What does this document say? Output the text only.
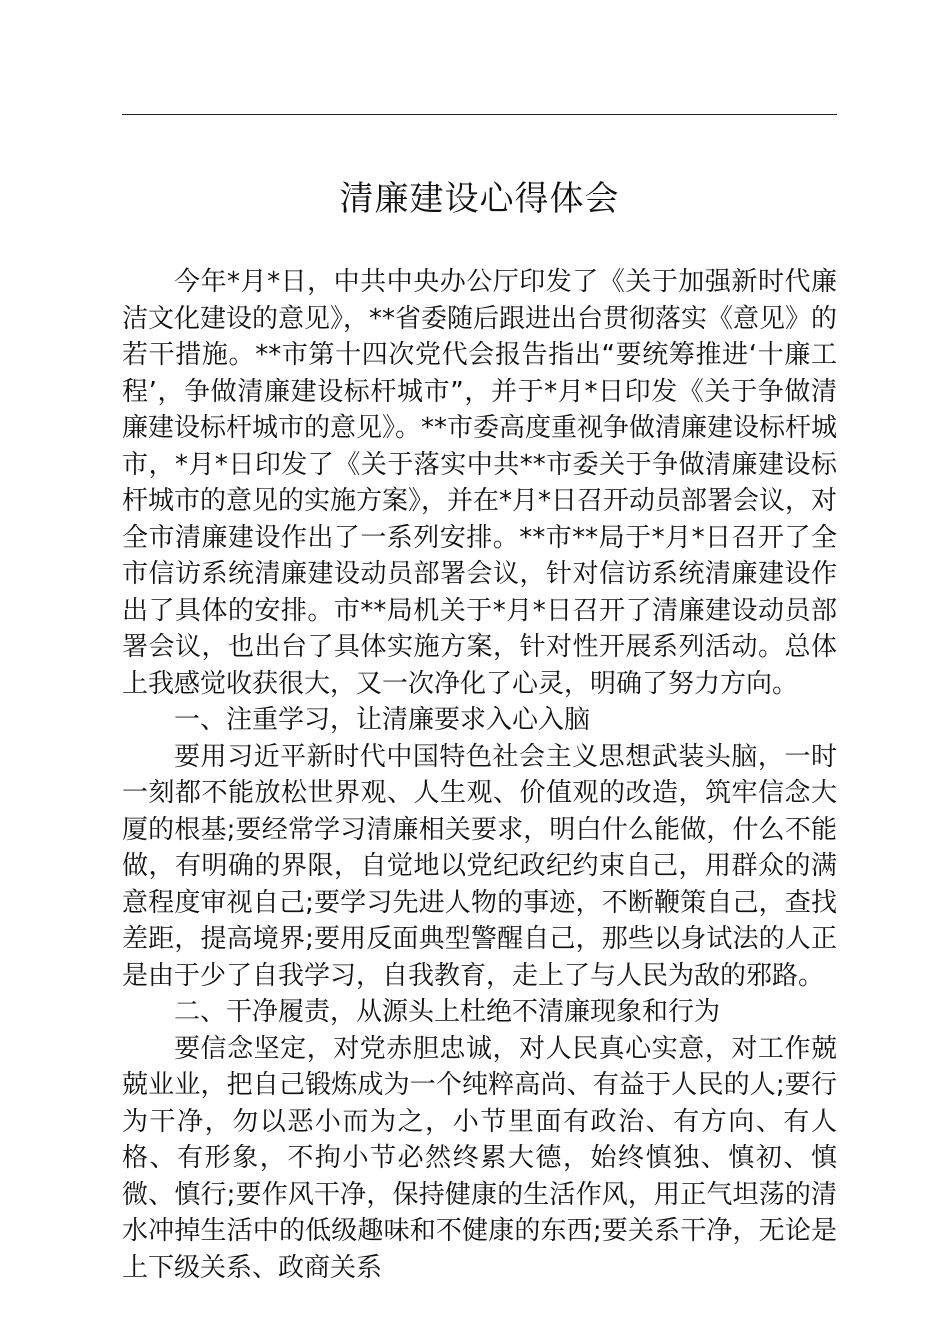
清廉建设心得体会

今年*月*日，中共中央办公厅印发了《关于加强新时代廉洁文化建设的意见》，**省委随后跟进出台贯彻落实《意见》的若干措施。**市第十四次党代会报告指出“要统筹推进‘十廉工程’，争做清廉建设标杆城市”，并于*月*日印发《关于争做清廉建设标杆城市的意见》。**市委高度重视争做清廉建设标杆城市，*月*日印发了《关于落实中共**市委关于争做清廉建设标杆城市的意见的实施方案》，并在*月*日召开动员部署会议，对全市清廉建设作出了一系列安排。**市**局于*月*日召开了全市信访系统清廉建设动员部署会议，针对信访系统清廉建设作出了具体的安排。市**局机关于*月*日召开了清廉建设动员部署会议，也出台了具体实施方案，针对性开展系列活动。总体上我感觉收获很大，又一次净化了心灵，明确了努力方向。

一、注重学习，让清廉要求入心入脑

要用习近平新时代中国特色社会主义思想武装头脑，一时一刻都不能放松世界观、人生观、价值观的改造，筑牢信念大厦的根基;要经常学习清廉相关要求，明白什么能做，什么不能做，有明确的界限，自觉地以党纪政纪约束自己，用群众的满意程度审视自己;要学习先进人物的事迹，不断鞭策自己，查找差距，提高境界;要用反面典型警醒自己，那些以身试法的人正是由于少了自我学习，自我教育，走上了与人民为敌的邪路。

二、干净履责，从源头上杜绝不清廉现象和行为

要信念坚定，对党赤胆忠诚，对人民真心实意，对工作兢兢业业，把自己锻炼成为一个纯粹高尚、有益于人民的人;要行为干净，勿以恶小而为之，小节里面有政治、有方向、有人格、有形象，不拘小节必然终累大德，始终慎独、慎初、慎微、慎行;要作风干净，保持健康的生活作风，用正气坦荡的清水冲掉生活中的低级趣味和不健康的东西;要关系干净，无论是上下级关系、政商关系
